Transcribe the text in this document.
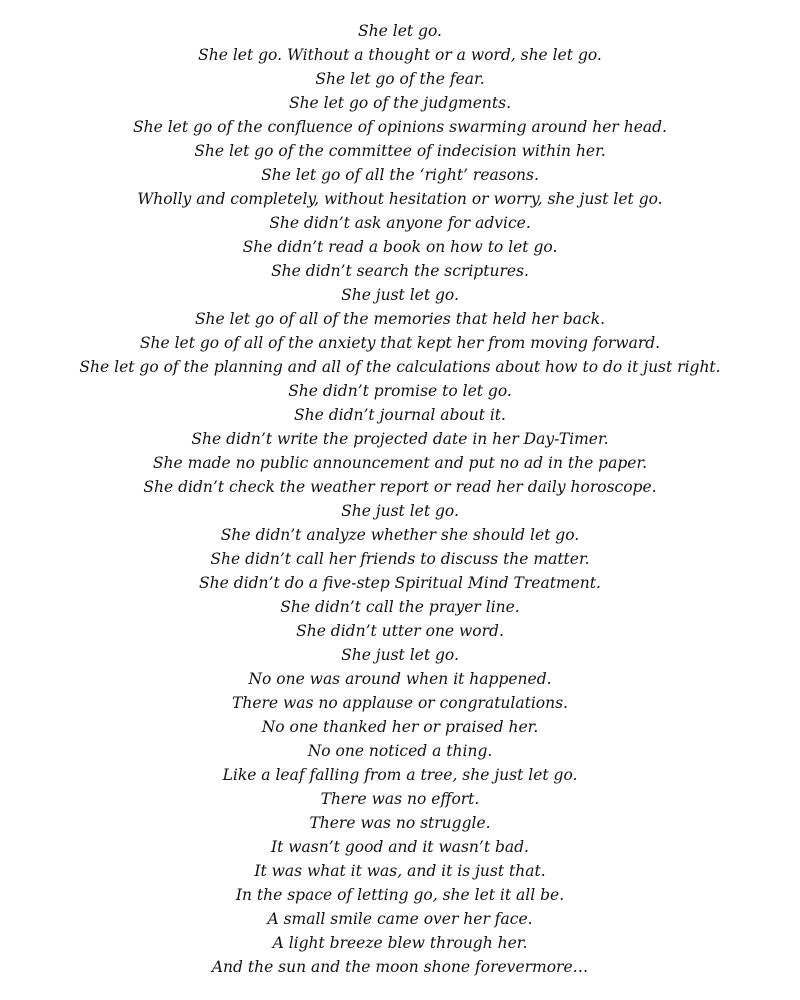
She let go.
She let go. Without a thought or a word, she let go.
She let go of the fear.
She let go of the judgments.
She let go of the confluence of opinions swarming around her head.
She let go of the committee of indecision within her.
She let go of all the ‘right’ reasons.
Wholly and completely, without hesitation or worry, she just let go.
She didn’t ask anyone for advice.
She didn’t read a book on how to let go.
She didn’t search the scriptures.
She just let go.
She let go of all of the memories that held her back.
She let go of all of the anxiety that kept her from moving forward.
She let go of the planning and all of the calculations about how to do it just right.
She didn’t promise to let go.
She didn’t journal about it.
She didn’t write the projected date in her Day-Timer.
She made no public announcement and put no ad in the paper.
She didn’t check the weather report or read her daily horoscope.
She just let go.
She didn’t analyze whether she should let go.
She didn’t call her friends to discuss the matter.
She didn’t do a five-step Spiritual Mind Treatment.
She didn’t call the prayer line.
She didn’t utter one word.
She just let go.
No one was around when it happened.
There was no applause or congratulations.
No one thanked her or praised her.
No one noticed a thing.
Like a leaf falling from a tree, she just let go.
There was no effort.
There was no struggle.
It wasn’t good and it wasn’t bad.
It was what it was, and it is just that.
In the space of letting go, she let it all be.
A small smile came over her face.
A light breeze blew through her.
And the sun and the moon shone forevermore…
